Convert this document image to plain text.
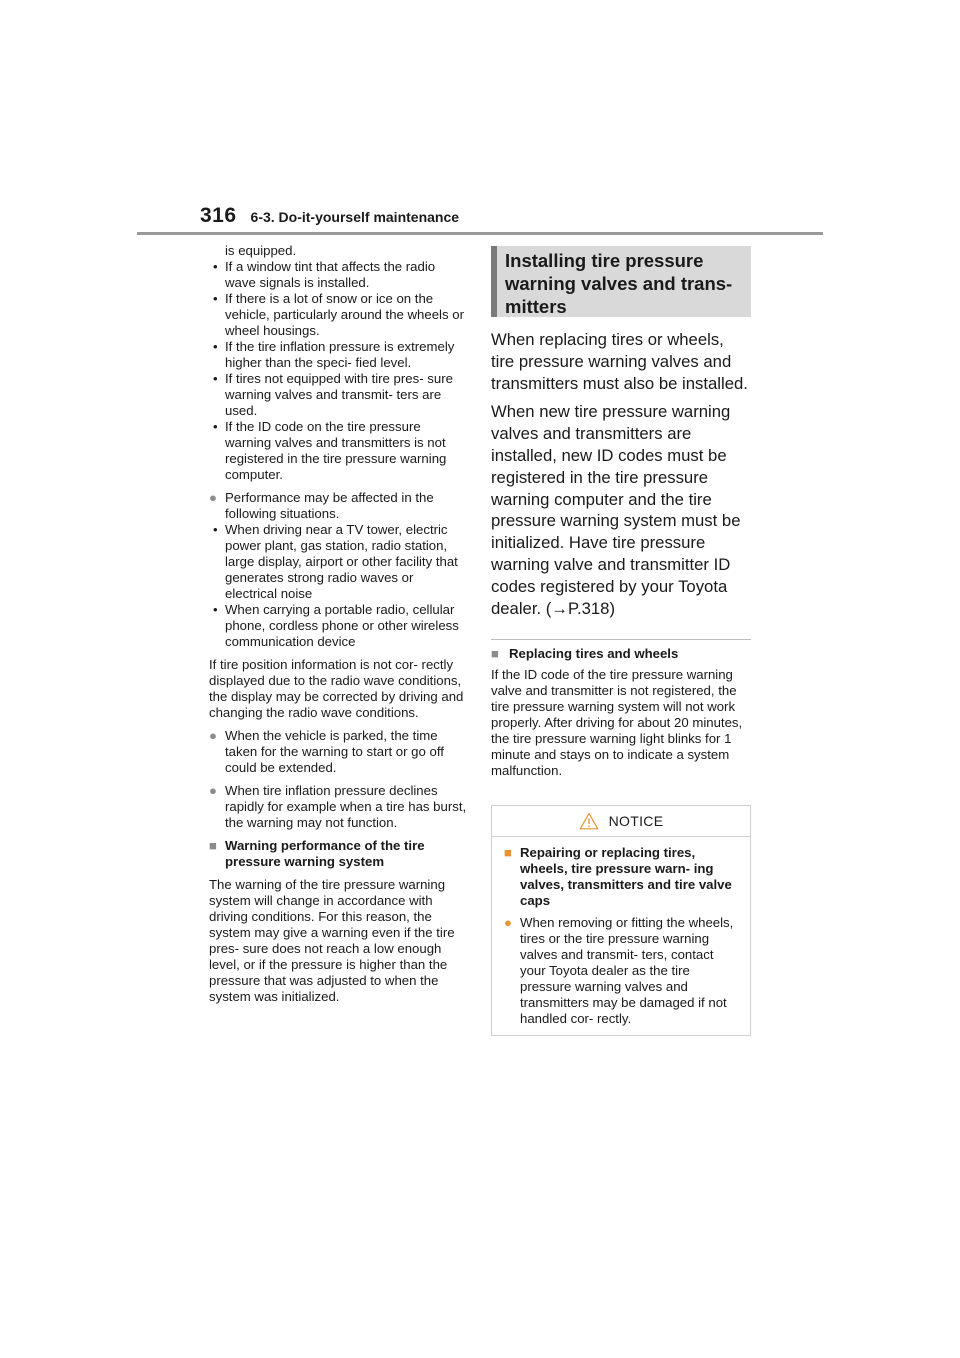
316 6-3. Do-it-yourself maintenance

is equipped.

• If a window tint that affects the radio wave signals is installed.

• If there is a lot of snow or ice on the vehicle, particularly around the wheels or wheel housings.

• If the tire inflation pressure is extremely higher than the speci- fied level.

• If tires not equipped with tire pres- sure warning valves and transmit- ters are used.

• If the ID code on the tire pressure warning valves and transmitters is not registered in the tire pressure warning computer.

● Performance may be affected in the following situations.

• When driving near a TV tower, electric power plant, gas station, radio station, large display, airport or other facility that generates strong radio waves or electrical noise

• When carrying a portable radio, cellular phone, cordless phone or other wireless communication device

If tire position information is not cor- rectly displayed due to the radio wave conditions, the display may be corrected by driving and changing the radio wave conditions.

● When the vehicle is parked, the time taken for the warning to start or go off could be extended.

● When tire inflation pressure declines rapidly for example when a tire has burst, the warning may not function.

■ Warning performance of the tire pressure warning system

The warning of the tire pressure warning system will change in accordance with driving conditions. For this reason, the system may give a warning even if the tire pres- sure does not reach a low enough level, or if the pressure is higher than the pressure that was adjusted to when the system was initialized.

Installing tire pressure warning valves and trans- mitters

When replacing tires or wheels, tire pressure warning valves and transmitters must also be installed.

When new tire pressure warning valves and transmitters are installed, new ID codes must be registered in the tire pressure warning computer and the tire pressure warning system must be initialized. Have tire pressure warning valve and transmitter ID codes registered by your Toyota dealer. (→P.318)

■ Replacing tires and wheels

If the ID code of the tire pressure warning valve and transmitter is not registered, the tire pressure warning system will not work properly. After driving for about 20 minutes, the tire pressure warning light blinks for 1 minute and stays on to indicate a system malfunction.

NOTICE

■ Repairing or replacing tires, wheels, tire pressure warn- ing valves, transmitters and tire valve caps

● When removing or fitting the wheels, tires or the tire pressure warning valves and transmit- ters, contact your Toyota dealer as the tire pressure warning valves and transmitters may be damaged if not handled cor- rectly.
